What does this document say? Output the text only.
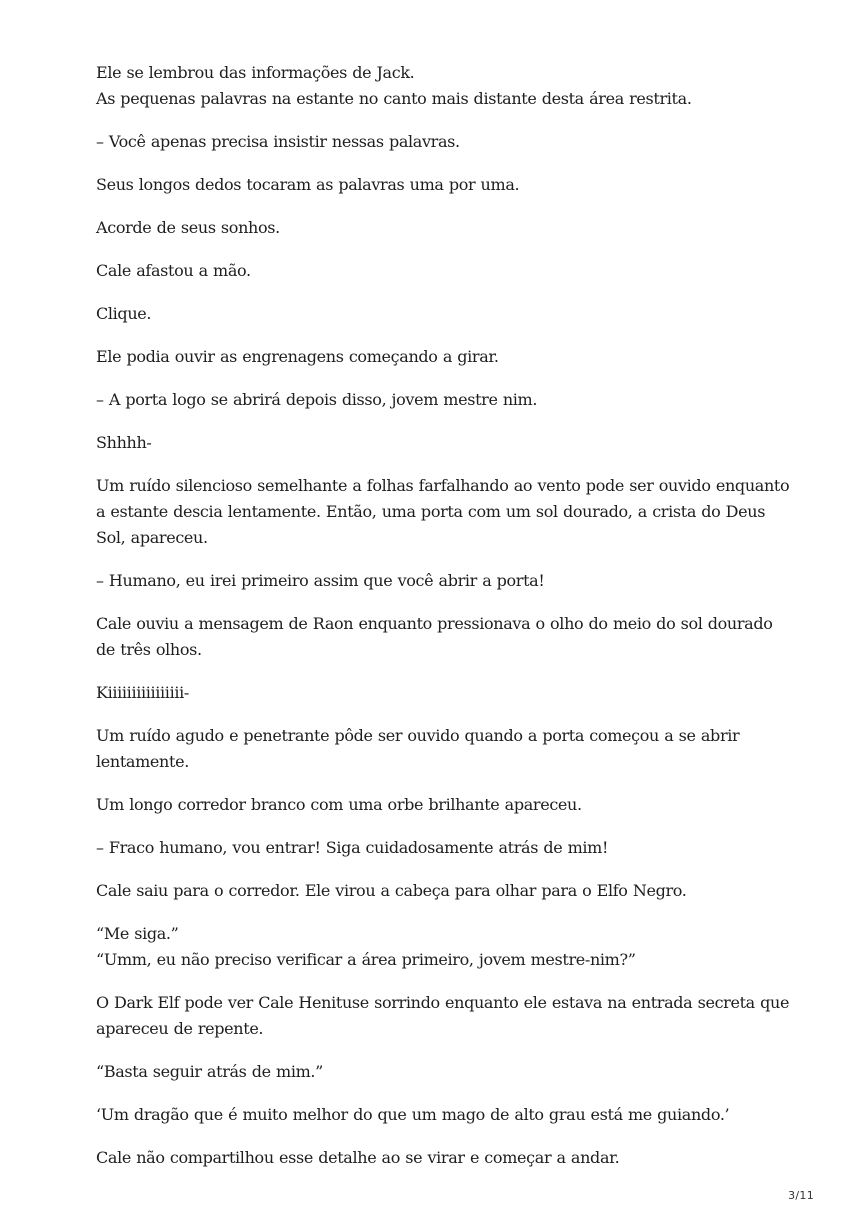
Ele se lembrou das informações de Jack.
As pequenas palavras na estante no canto mais distante desta área restrita.

– Você apenas precisa insistir nessas palavras.

Seus longos dedos tocaram as palavras uma por uma.

Acorde de seus sonhos.

Cale afastou a mão.

Clique.

Ele podia ouvir as engrenagens começando a girar.

– A porta logo se abrirá depois disso, jovem mestre nim.

Shhhh-

Um ruído silencioso semelhante a folhas farfalhando ao vento pode ser ouvido enquanto a estante descia lentamente. Então, uma porta com um sol dourado, a crista do Deus Sol, apareceu.

– Humano, eu irei primeiro assim que você abrir a porta!

Cale ouviu a mensagem de Raon enquanto pressionava o olho do meio do sol dourado de três olhos.

Kiiiiiiiiiiiiiiii-

Um ruído agudo e penetrante pôde ser ouvido quando a porta começou a se abrir lentamente.

Um longo corredor branco com uma orbe brilhante apareceu.

– Fraco humano, vou entrar! Siga cuidadosamente atrás de mim!

Cale saiu para o corredor. Ele virou a cabeça para olhar para o Elfo Negro.

“Me siga.”
“Umm, eu não preciso verificar a área primeiro, jovem mestre-nim?”

O Dark Elf pode ver Cale Henituse sorrindo enquanto ele estava na entrada secreta que apareceu de repente.

“Basta seguir atrás de mim.”

‘Um dragão que é muito melhor do que um mago de alto grau está me guiando.’

Cale não compartilhou esse detalhe ao se virar e começar a andar.

3/11
